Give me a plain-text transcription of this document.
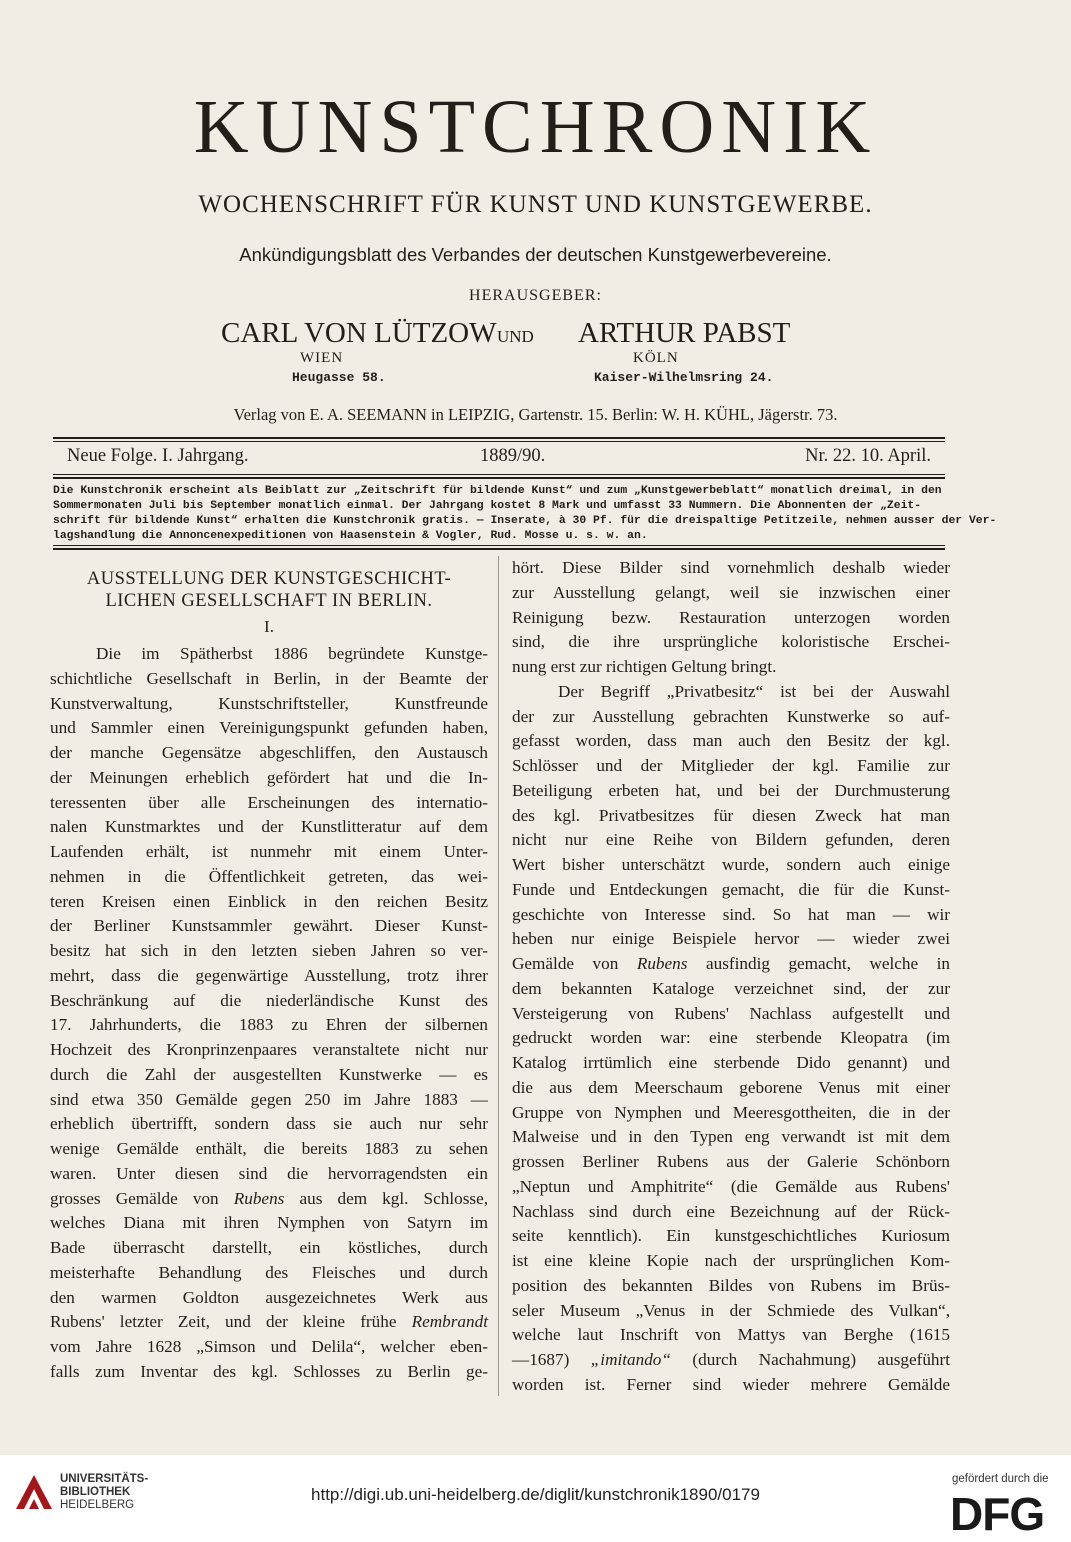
KUNSTCHRONIK
WOCHENSCHRIFT FÜR KUNST UND KUNSTGEWERBE.
Ankündigungsblatt des Verbandes der deutschen Kunstgewerbevereine.
HERAUSGEBER:
CARL VON LÜTZOW UND ARTHUR PABST
WIEN	KÖLN
Heugasse 58.	Kaiser-Wilhelmsring 24.
Verlag von E. A. SEEMANN in LEIPZIG, Gartenstr. 15. Berlin: W. H. KÜHL, Jägerstr. 73.
Neue Folge. I. Jahrgang.	1889/90.	Nr. 22. 10. April.
Die Kunstchronik erscheint als Beiblatt zur „Zeitschrift für bildende Kunst“ und zum „Kunstgewerbeblatt“ monatlich dreimal, in den
Sommermonaten Juli bis September monatlich einmal. Der Jahrgang kostet 8 Mark und umfasst 33 Nummern. Die Abonnenten der „Zeit-
schrift für bildende Kunst“ erhalten die Kunstchronik gratis. — Inserate, à 30 Pf. für die dreispaltige Petitzeile, nehmen ausser der Ver-
lagshandlung die Annoncenexpeditionen von Haasenstein & Vogler, Rud. Mosse u. s. w. an.
AUSSTELLUNG DER KUNSTGESCHICHT-
LICHEN GESELLSCHAFT IN BERLIN.
I.
Die im Spätherbst 1886 begründete Kunstge-
schichtliche Gesellschaft in Berlin, in der Beamte der
Kunstverwaltung, Kunstschriftsteller, Kunstfreunde
und Sammler einen Vereinigungspunkt gefunden haben,
der manche Gegensätze abgeschliffen, den Austausch
der Meinungen erheblich gefördert hat und die In-
teressenten über alle Erscheinungen des internatio-
nalen Kunstmarktes und der Kunstlitteratur auf dem
Laufenden erhält, ist nunmehr mit einem Unter-
nehmen in die Öffentlichkeit getreten, das wei-
teren Kreisen einen Einblick in den reichen Besitz
der Berliner Kunstsammler gewährt. Dieser Kunst-
besitz hat sich in den letzten sieben Jahren so ver-
mehrt, dass die gegenwärtige Ausstellung, trotz ihrer
Beschränkung auf die niederländische Kunst des
17. Jahrhunderts, die 1883 zu Ehren der silbernen
Hochzeit des Kronprinzenpaares veranstaltete nicht nur
durch die Zahl der ausgestellten Kunstwerke — es
sind etwa 350 Gemälde gegen 250 im Jahre 1883 —
erheblich übertrifft, sondern dass sie auch nur sehr
wenige Gemälde enthält, die bereits 1883 zu sehen
waren. Unter diesen sind die hervorragendsten ein
grosses Gemälde von Rubens aus dem kgl. Schlosse,
welches Diana mit ihren Nymphen von Satyrn im
Bade überrascht darstellt, ein köstliches, durch
meisterhafte Behandlung des Fleisches und durch
den warmen Goldton ausgezeichnetes Werk aus
Rubens' letzter Zeit, und der kleine frühe Rembrandt
vom Jahre 1628 „Simson und Delila“, welcher eben-
falls zum Inventar des kgl. Schlosses zu Berlin ge-
hört. Diese Bilder sind vornehmlich deshalb wieder
zur Ausstellung gelangt, weil sie inzwischen einer
Reinigung bezw. Restauration unterzogen worden
sind, die ihre ursprüngliche koloristische Erschei-
nung erst zur richtigen Geltung bringt.
Der Begriff „Privatbesitz“ ist bei der Auswahl
der zur Ausstellung gebrachten Kunstwerke so auf-
gefasst worden, dass man auch den Besitz der kgl.
Schlösser und der Mitglieder der kgl. Familie zur
Beteiligung erbeten hat, und bei der Durchmusterung
des kgl. Privatbesitzes für diesen Zweck hat man
nicht nur eine Reihe von Bildern gefunden, deren
Wert bisher unterschätzt wurde, sondern auch einige
Funde und Entdeckungen gemacht, die für die Kunst-
geschichte von Interesse sind. So hat man — wir
heben nur einige Beispiele hervor — wieder zwei
Gemälde von Rubens ausfindig gemacht, welche in
dem bekannten Kataloge verzeichnet sind, der zur
Versteigerung von Rubens' Nachlass aufgestellt und
gedruckt worden war: eine sterbende Kleopatra (im
Katalog irrtümlich eine sterbende Dido genannt) und
die aus dem Meerschaum geborene Venus mit einer
Gruppe von Nymphen und Meeresgottheiten, die in der
Malweise und in den Typen eng verwandt ist mit dem
grossen Berliner Rubens aus der Galerie Schönborn
„Neptun und Amphitrite“ (die Gemälde aus Rubens'
Nachlass sind durch eine Bezeichnung auf der Rück-
seite kenntlich). Ein kunstgeschichtliches Kuriosum
ist eine kleine Kopie nach der ursprünglichen Kom-
position des bekannten Bildes von Rubens im Brüs-
seler Museum „Venus in der Schmiede des Vulkan“,
welche laut Inschrift von Mattys van Berghe (1615
—1687) „imitando“ (durch Nachahmung) ausgeführt
worden ist. Ferner sind wieder mehrere Gemälde
UNIVERSITÄTS-
BIBLIOTHEK
HEIDELBERG
http://digi.ub.uni-heidelberg.de/diglit/kunstchronik1890/0179
gefördert durch die
DFG
